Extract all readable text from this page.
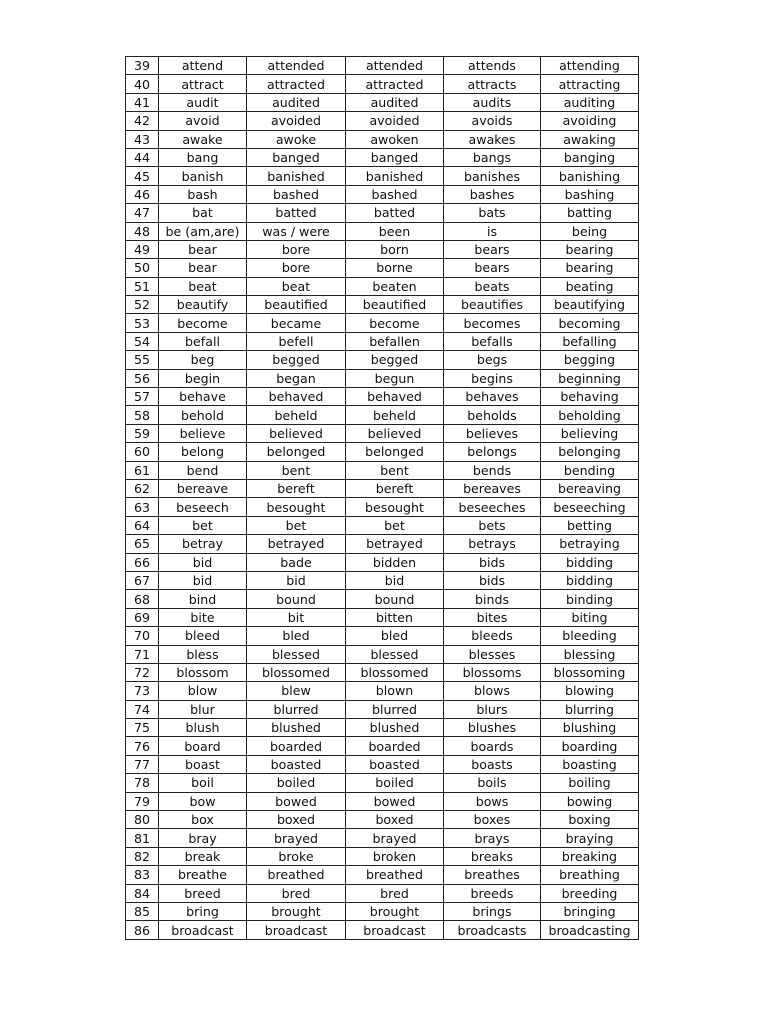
39	attend	attended	attended	attends	attending
40	attract	attracted	attracted	attracts	attracting
41	audit	audited	audited	audits	auditing
42	avoid	avoided	avoided	avoids	avoiding
43	awake	awoke	awoken	awakes	awaking
44	bang	banged	banged	bangs	banging
45	banish	banished	banished	banishes	banishing
46	bash	bashed	bashed	bashes	bashing
47	bat	batted	batted	bats	batting
48	be (am,are)	was / were	been	is	being
49	bear	bore	born	bears	bearing
50	bear	bore	borne	bears	bearing
51	beat	beat	beaten	beats	beating
52	beautify	beautified	beautified	beautifies	beautifying
53	become	became	become	becomes	becoming
54	befall	befell	befallen	befalls	befalling
55	beg	begged	begged	begs	begging
56	begin	began	begun	begins	beginning
57	behave	behaved	behaved	behaves	behaving
58	behold	beheld	beheld	beholds	beholding
59	believe	believed	believed	believes	believing
60	belong	belonged	belonged	belongs	belonging
61	bend	bent	bent	bends	bending
62	bereave	bereft	bereft	bereaves	bereaving
63	beseech	besought	besought	beseeches	beseeching
64	bet	bet	bet	bets	betting
65	betray	betrayed	betrayed	betrays	betraying
66	bid	bade	bidden	bids	bidding
67	bid	bid	bid	bids	bidding
68	bind	bound	bound	binds	binding
69	bite	bit	bitten	bites	biting
70	bleed	bled	bled	bleeds	bleeding
71	bless	blessed	blessed	blesses	blessing
72	blossom	blossomed	blossomed	blossoms	blossoming
73	blow	blew	blown	blows	blowing
74	blur	blurred	blurred	blurs	blurring
75	blush	blushed	blushed	blushes	blushing
76	board	boarded	boarded	boards	boarding
77	boast	boasted	boasted	boasts	boasting
78	boil	boiled	boiled	boils	boiling
79	bow	bowed	bowed	bows	bowing
80	box	boxed	boxed	boxes	boxing
81	bray	brayed	brayed	brays	braying
82	break	broke	broken	breaks	breaking
83	breathe	breathed	breathed	breathes	breathing
84	breed	bred	bred	breeds	breeding
85	bring	brought	brought	brings	bringing
86	broadcast	broadcast	broadcast	broadcasts	broadcasting
